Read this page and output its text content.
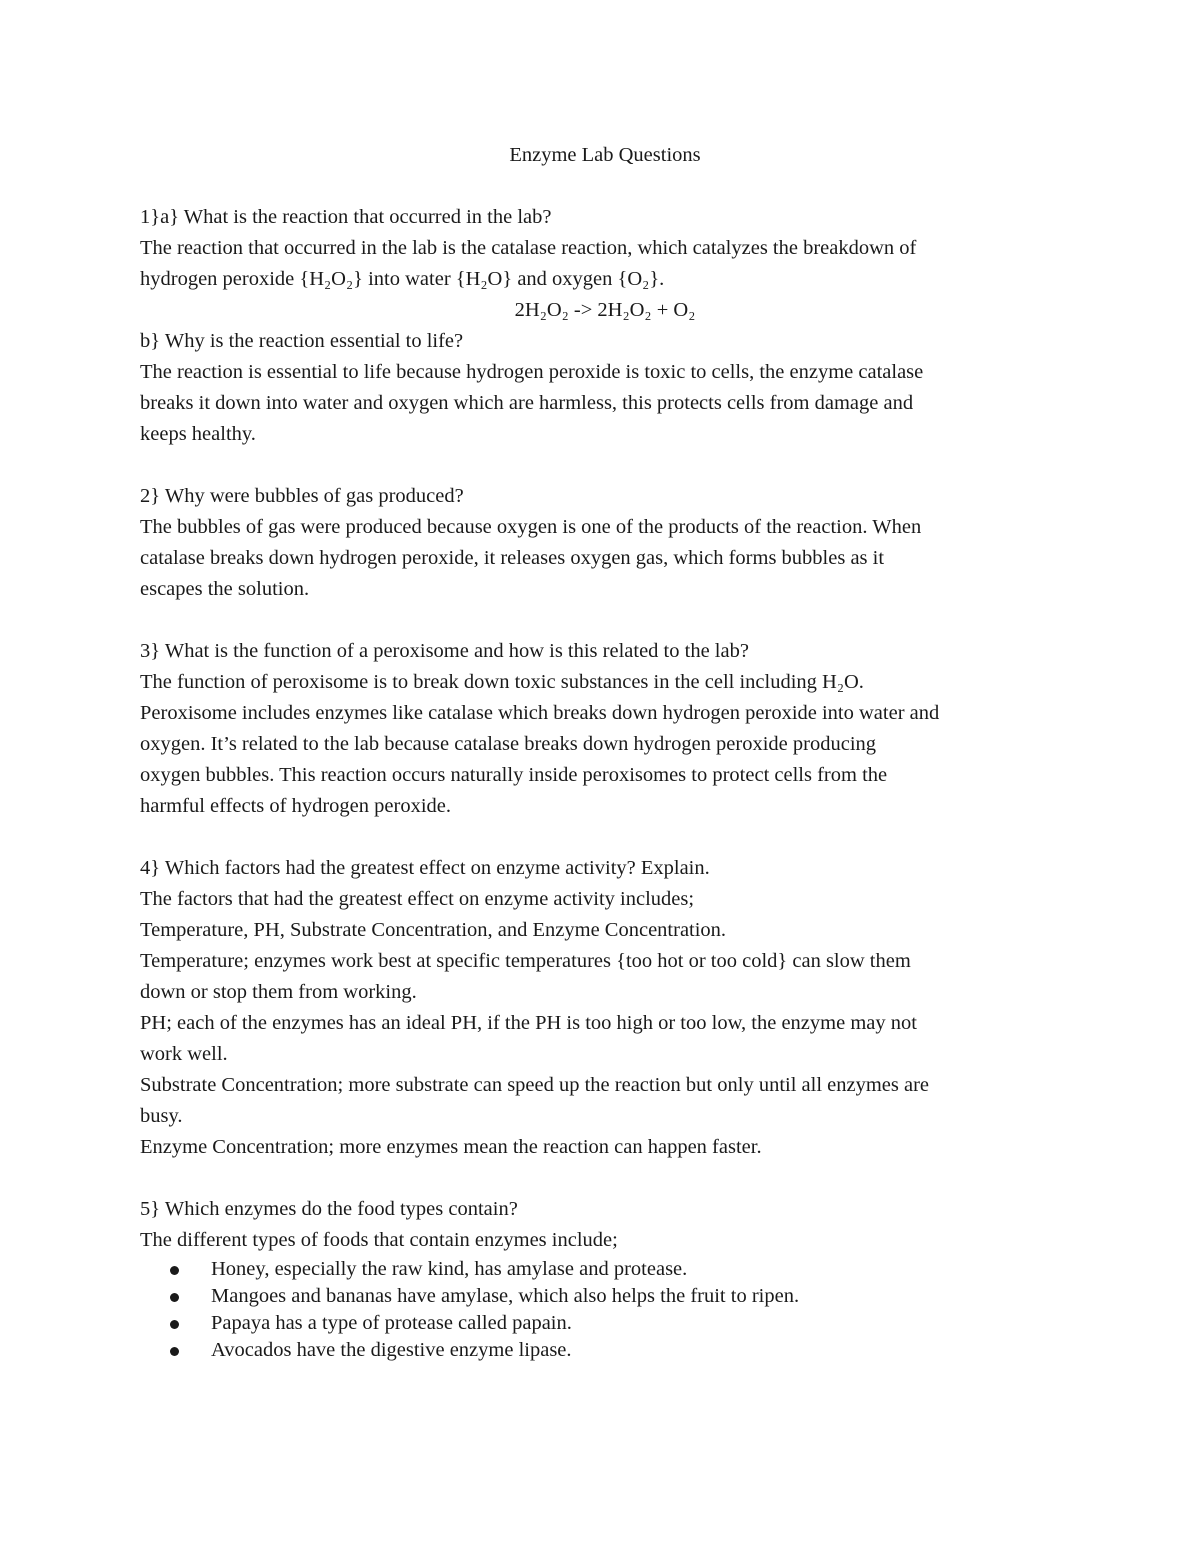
Enzyme Lab Questions

1}a} What is the reaction that occurred in the lab?

The reaction that occurred in the lab is the catalase reaction, which catalyzes the breakdown of

hydrogen peroxide {H₂O₂} into water {H₂O} and oxygen {O₂}.

2H₂O₂ -> 2H₂O₂ + O₂

b} Why is the reaction essential to life?

The reaction is essential to life because hydrogen peroxide is toxic to cells, the enzyme catalase

breaks it down into water and oxygen which are harmless, this protects cells from damage and

keeps healthy.

2} Why were bubbles of gas produced?

The bubbles of gas were produced because oxygen is one of the products of the reaction. When

catalase breaks down hydrogen peroxide, it releases oxygen gas, which forms bubbles as it

escapes the solution.

3} What is the function of a peroxisome and how is this related to the lab?

The function of peroxisome is to break down toxic substances in the cell including H₂O.

Peroxisome includes enzymes like catalase which breaks down hydrogen peroxide into water and

oxygen. It’s related to the lab because catalase breaks down hydrogen peroxide producing

oxygen bubbles. This reaction occurs naturally inside peroxisomes to protect cells from the

harmful effects of hydrogen peroxide.

4} Which factors had the greatest effect on enzyme activity? Explain.

The factors that had the greatest effect on enzyme activity includes;

Temperature, PH, Substrate Concentration, and Enzyme Concentration.

Temperature; enzymes work best at specific temperatures {too hot or too cold} can slow them

down or stop them from working.

PH; each of the enzymes has an ideal PH, if the PH is too high or too low, the enzyme may not

work well.

Substrate Concentration; more substrate can speed up the reaction but only until all enzymes are

busy.

Enzyme Concentration; more enzymes mean the reaction can happen faster.

5} Which enzymes do the food types contain?

The different types of foods that contain enzymes include;

Honey, especially the raw kind, has amylase and protease.
Mangoes and bananas have amylase, which also helps the fruit to ripen.
Papaya has a type of protease called papain.
Avocados have the digestive enzyme lipase.
